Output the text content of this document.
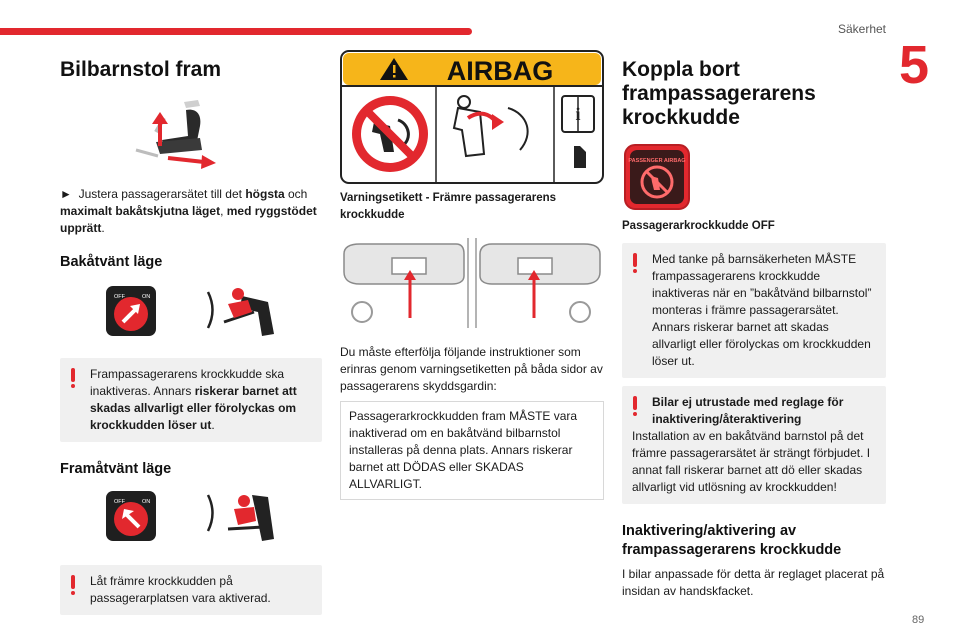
Säkerhet
5
89
Bilbarnstol fram
► Justera passagerarsätet till det högsta och maximalt bakåtskjutna läget, med ryggstödet upprätt.
Bakåtvänt läge
OFF	ON
Frampassagerarens krockkudde ska inaktiveras. Annars riskerar barnet att skadas allvarligt eller förolyckas om krockkudden löser ut.
Framåtvänt läge
OFF	ON
Låt främre krockkudden på passagerarplatsen vara aktiverad.
AIRBAG
i
Varningsetikett - Främre passagerarens krockkudde
Du måste efterfölja följande instruktioner som erinras genom varningsetiketten på båda sidor av passagerarens skyddsgardin:
Passagerarkrockkudden fram MÅSTE vara inaktiverad om en bakåtvänd bilbarnstol installeras på denna plats. Annars riskerar barnet att DÖDAS eller SKADAS ALLVARLIGT.
Koppla bort frampassagerarens krockkudde
PASSENGER AIRBAG
Passagerarkrockkudde OFF
Med tanke på barnsäkerheten MÅSTE frampassagerarens krockkudde inaktiveras när en ”bakåtvänd bilbarnstol” monteras i främre passagerarsätet. Annars riskerar barnet att skadas allvarligt eller förolyckas om krockkudden löser ut.
Bilar ej utrustade med reglage för inaktivering/återaktivering
Installation av en bakåtvänd barnstol på det främre passagerarsätet är strängt förbjudet. I annat fall riskerar barnet att dö eller skadas allvarligt vid utlösning av krockkudden!
Inaktivering/aktivering av frampassagerarens krockkudde
I bilar anpassade för detta är reglaget placerat på insidan av handskfacket.
